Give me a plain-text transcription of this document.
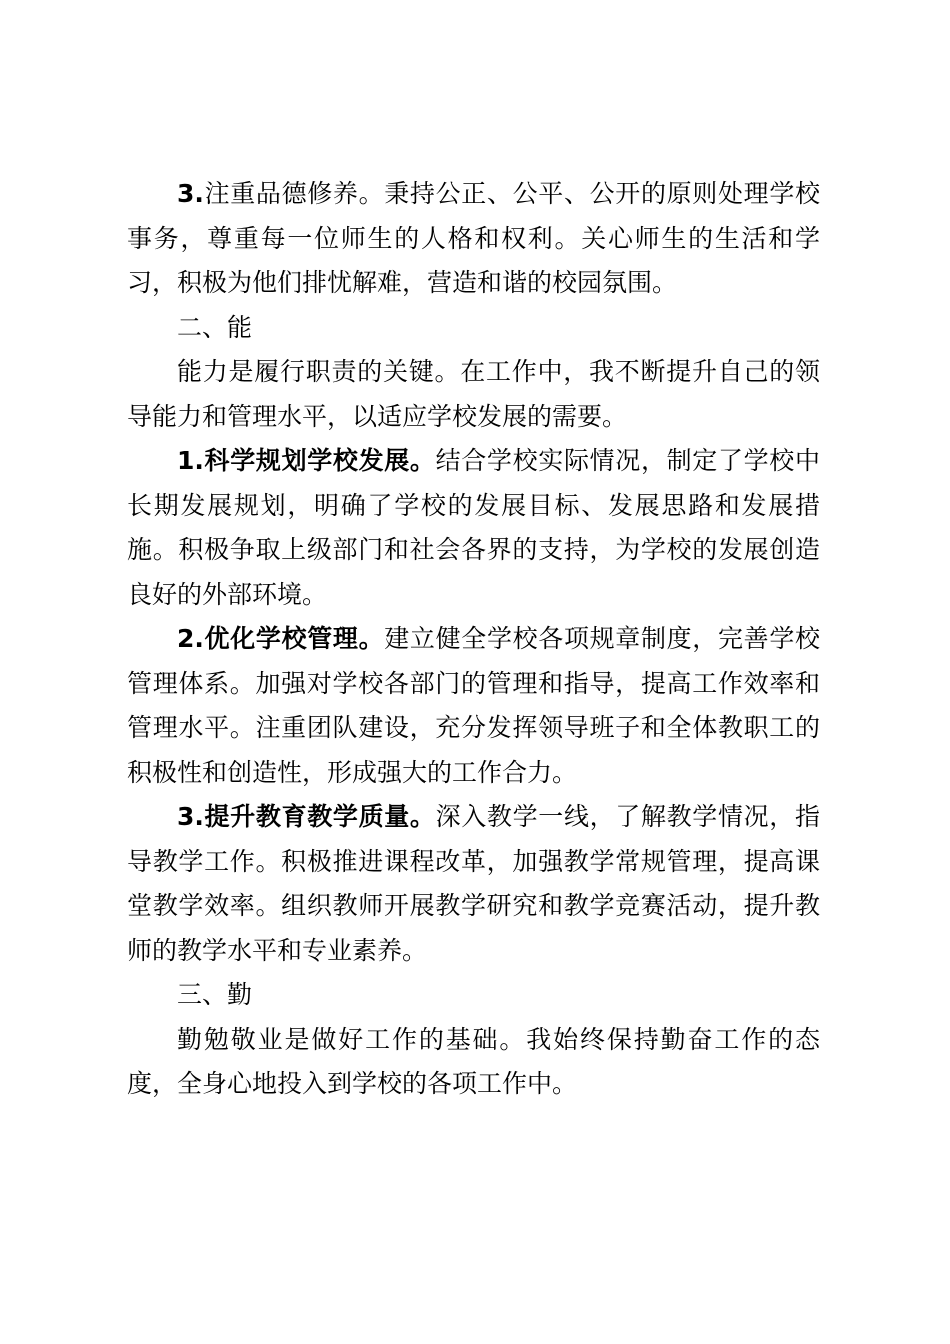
3.注重品德修养。秉持公正、公平、公开的原则处理学校事务，尊重每一位师生的人格和权利。关心师生的生活和学习，积极为他们排忧解难，营造和谐的校园氛围。

二、能

能力是履行职责的关键。在工作中，我不断提升自己的领导能力和管理水平，以适应学校发展的需要。

1.科学规划学校发展。结合学校实际情况，制定了学校中长期发展规划，明确了学校的发展目标、发展思路和发展措施。积极争取上级部门和社会各界的支持，为学校的发展创造良好的外部环境。

2.优化学校管理。建立健全学校各项规章制度，完善学校管理体系。加强对学校各部门的管理和指导，提高工作效率和管理水平。注重团队建设，充分发挥领导班子和全体教职工的积极性和创造性，形成强大的工作合力。

3.提升教育教学质量。深入教学一线，了解教学情况，指导教学工作。积极推进课程改革，加强教学常规管理，提高课堂教学效率。组织教师开展教学研究和教学竞赛活动，提升教师的教学水平和专业素养。

三、勤

勤勉敬业是做好工作的基础。我始终保持勤奋工作的态度，全身心地投入到学校的各项工作中。
